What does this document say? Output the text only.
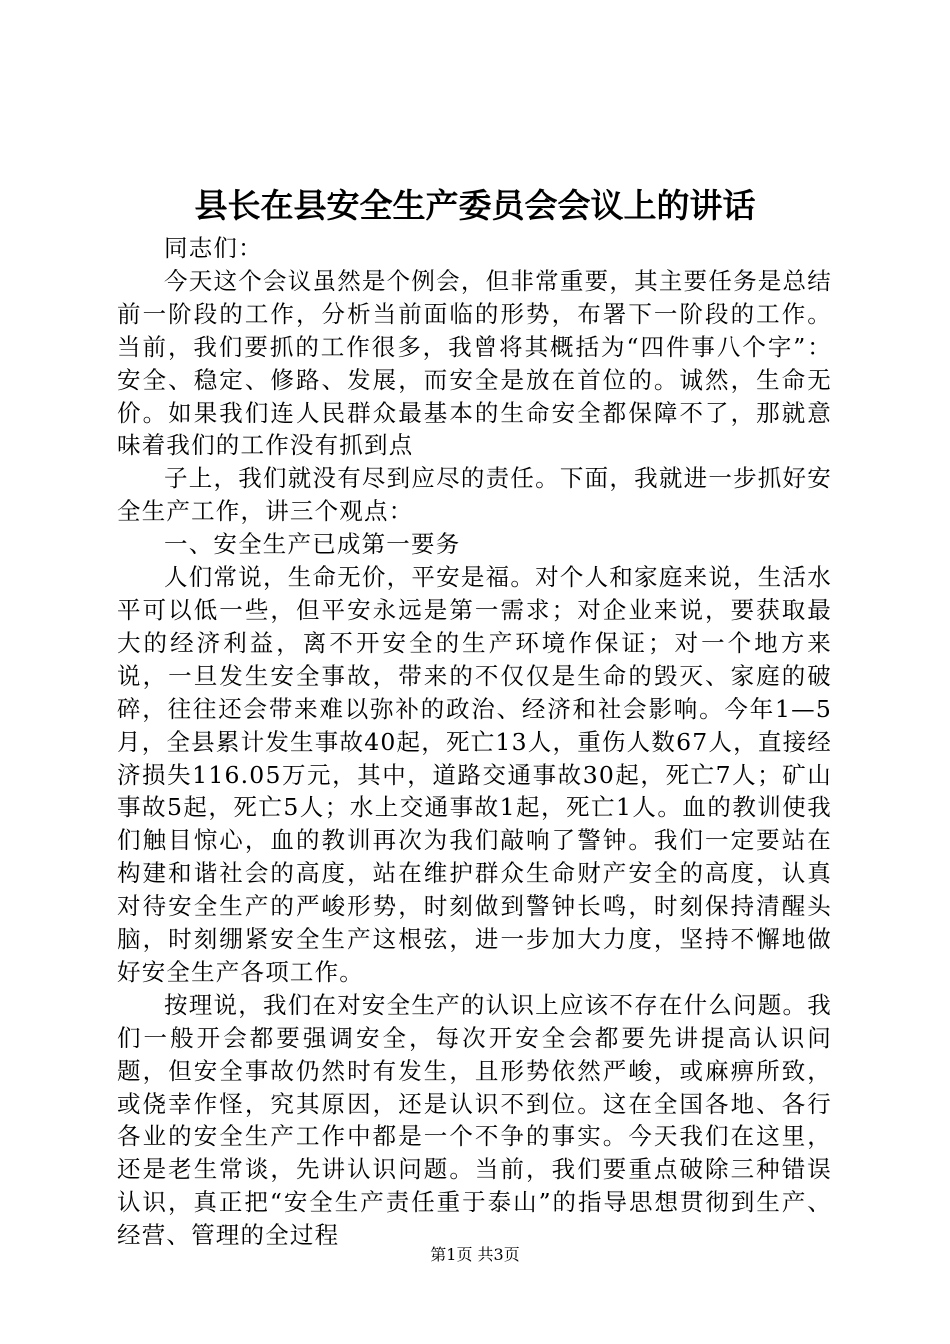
县长在县安全生产委员会会议上的讲话

同志们：

今天这个会议虽然是个例会，但非常重要，其主要任务是总结前一阶段的工作，分析当前面临的形势，布署下一阶段的工作。当前，我们要抓的工作很多，我曾将其概括为“四件事八个字”：安全、稳定、修路、发展，而安全是放在首位的。诚然，生命无价。如果我们连人民群众最基本的生命安全都保障不了，那就意味着我们的工作没有抓到点

子上，我们就没有尽到应尽的责任。下面，我就进一步抓好安全生产工作，讲三个观点：

一、安全生产已成第一要务

人们常说，生命无价，平安是福。对个人和家庭来说，生活水平可以低一些，但平安永远是第一需求；对企业来说，要获取最大的经济利益，离不开安全的生产环境作保证；对一个地方来说，一旦发生安全事故，带来的不仅仅是生命的毁灭、家庭的破碎，往往还会带来难以弥补的政治、经济和社会影响。今年1—5月，全县累计发生事故40起，死亡13人，重伤人数67人，直接经济损失116.05万元，其中，道路交通事故30起，死亡7人；矿山事故5起，死亡5人；水上交通事故1起，死亡1人。血的教训使我们触目惊心，血的教训再次为我们敲响了警钟。我们一定要站在构建和谐社会的高度，站在维护群众生命财产安全的高度，认真对待安全生产的严峻形势，时刻做到警钟长鸣，时刻保持清醒头脑，时刻绷紧安全生产这根弦，进一步加大力度，坚持不懈地做好安全生产各项工作。

按理说，我们在对安全生产的认识上应该不存在什么问题。我们一般开会都要强调安全，每次开安全会都要先讲提高认识问题，但安全事故仍然时有发生，且形势依然严峻，或麻痹所致，或侥幸作怪，究其原因，还是认识不到位。这在全国各地、各行各业的安全生产工作中都是一个不争的事实。今天我们在这里，还是老生常谈，先讲认识问题。当前，我们要重点破除三种错误认识，真正把“安全生产责任重于泰山”的指导思想贯彻到生产、经营、管理的全过程

第1页 共3页
